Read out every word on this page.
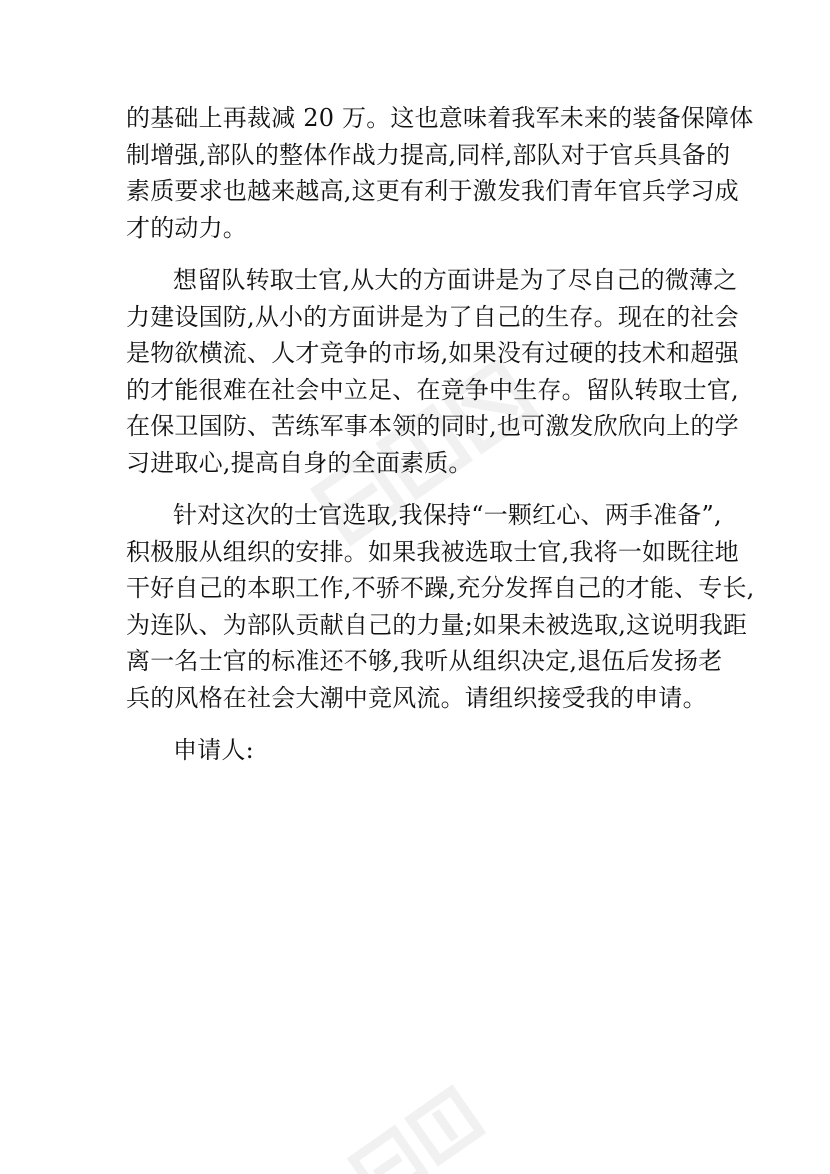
的基础上再裁减 20 万。这也意味着我军未来的装备保障体
制增强,部队的整体作战力提高,同样,部队对于官兵具备的
素质要求也越来越高,这更有利于激发我们青年官兵学习成
才的动力。
想留队转取士官,从大的方面讲是为了尽自己的微薄之
力建设国防,从小的方面讲是为了自己的生存。现在的社会
是物欲横流、人才竞争的市场,如果没有过硬的技术和超强
的才能很难在社会中立足、在竞争中生存。留队转取士官,
在保卫国防、苦练军事本领的同时,也可激发欣欣向上的学
习进取心,提高自身的全面素质。
针对这次的士官选取,我保持“一颗红心、两手准备”,
积极服从组织的安排。如果我被选取士官,我将一如既往地
干好自己的本职工作,不骄不躁,充分发挥自己的才能、专长,
为连队、为部队贡献自己的力量;如果未被选取,这说明我距
离一名士官的标准还不够,我听从组织决定,退伍后发扬老
兵的风格在社会大潮中竞风流。请组织接受我的申请。
申请人:
